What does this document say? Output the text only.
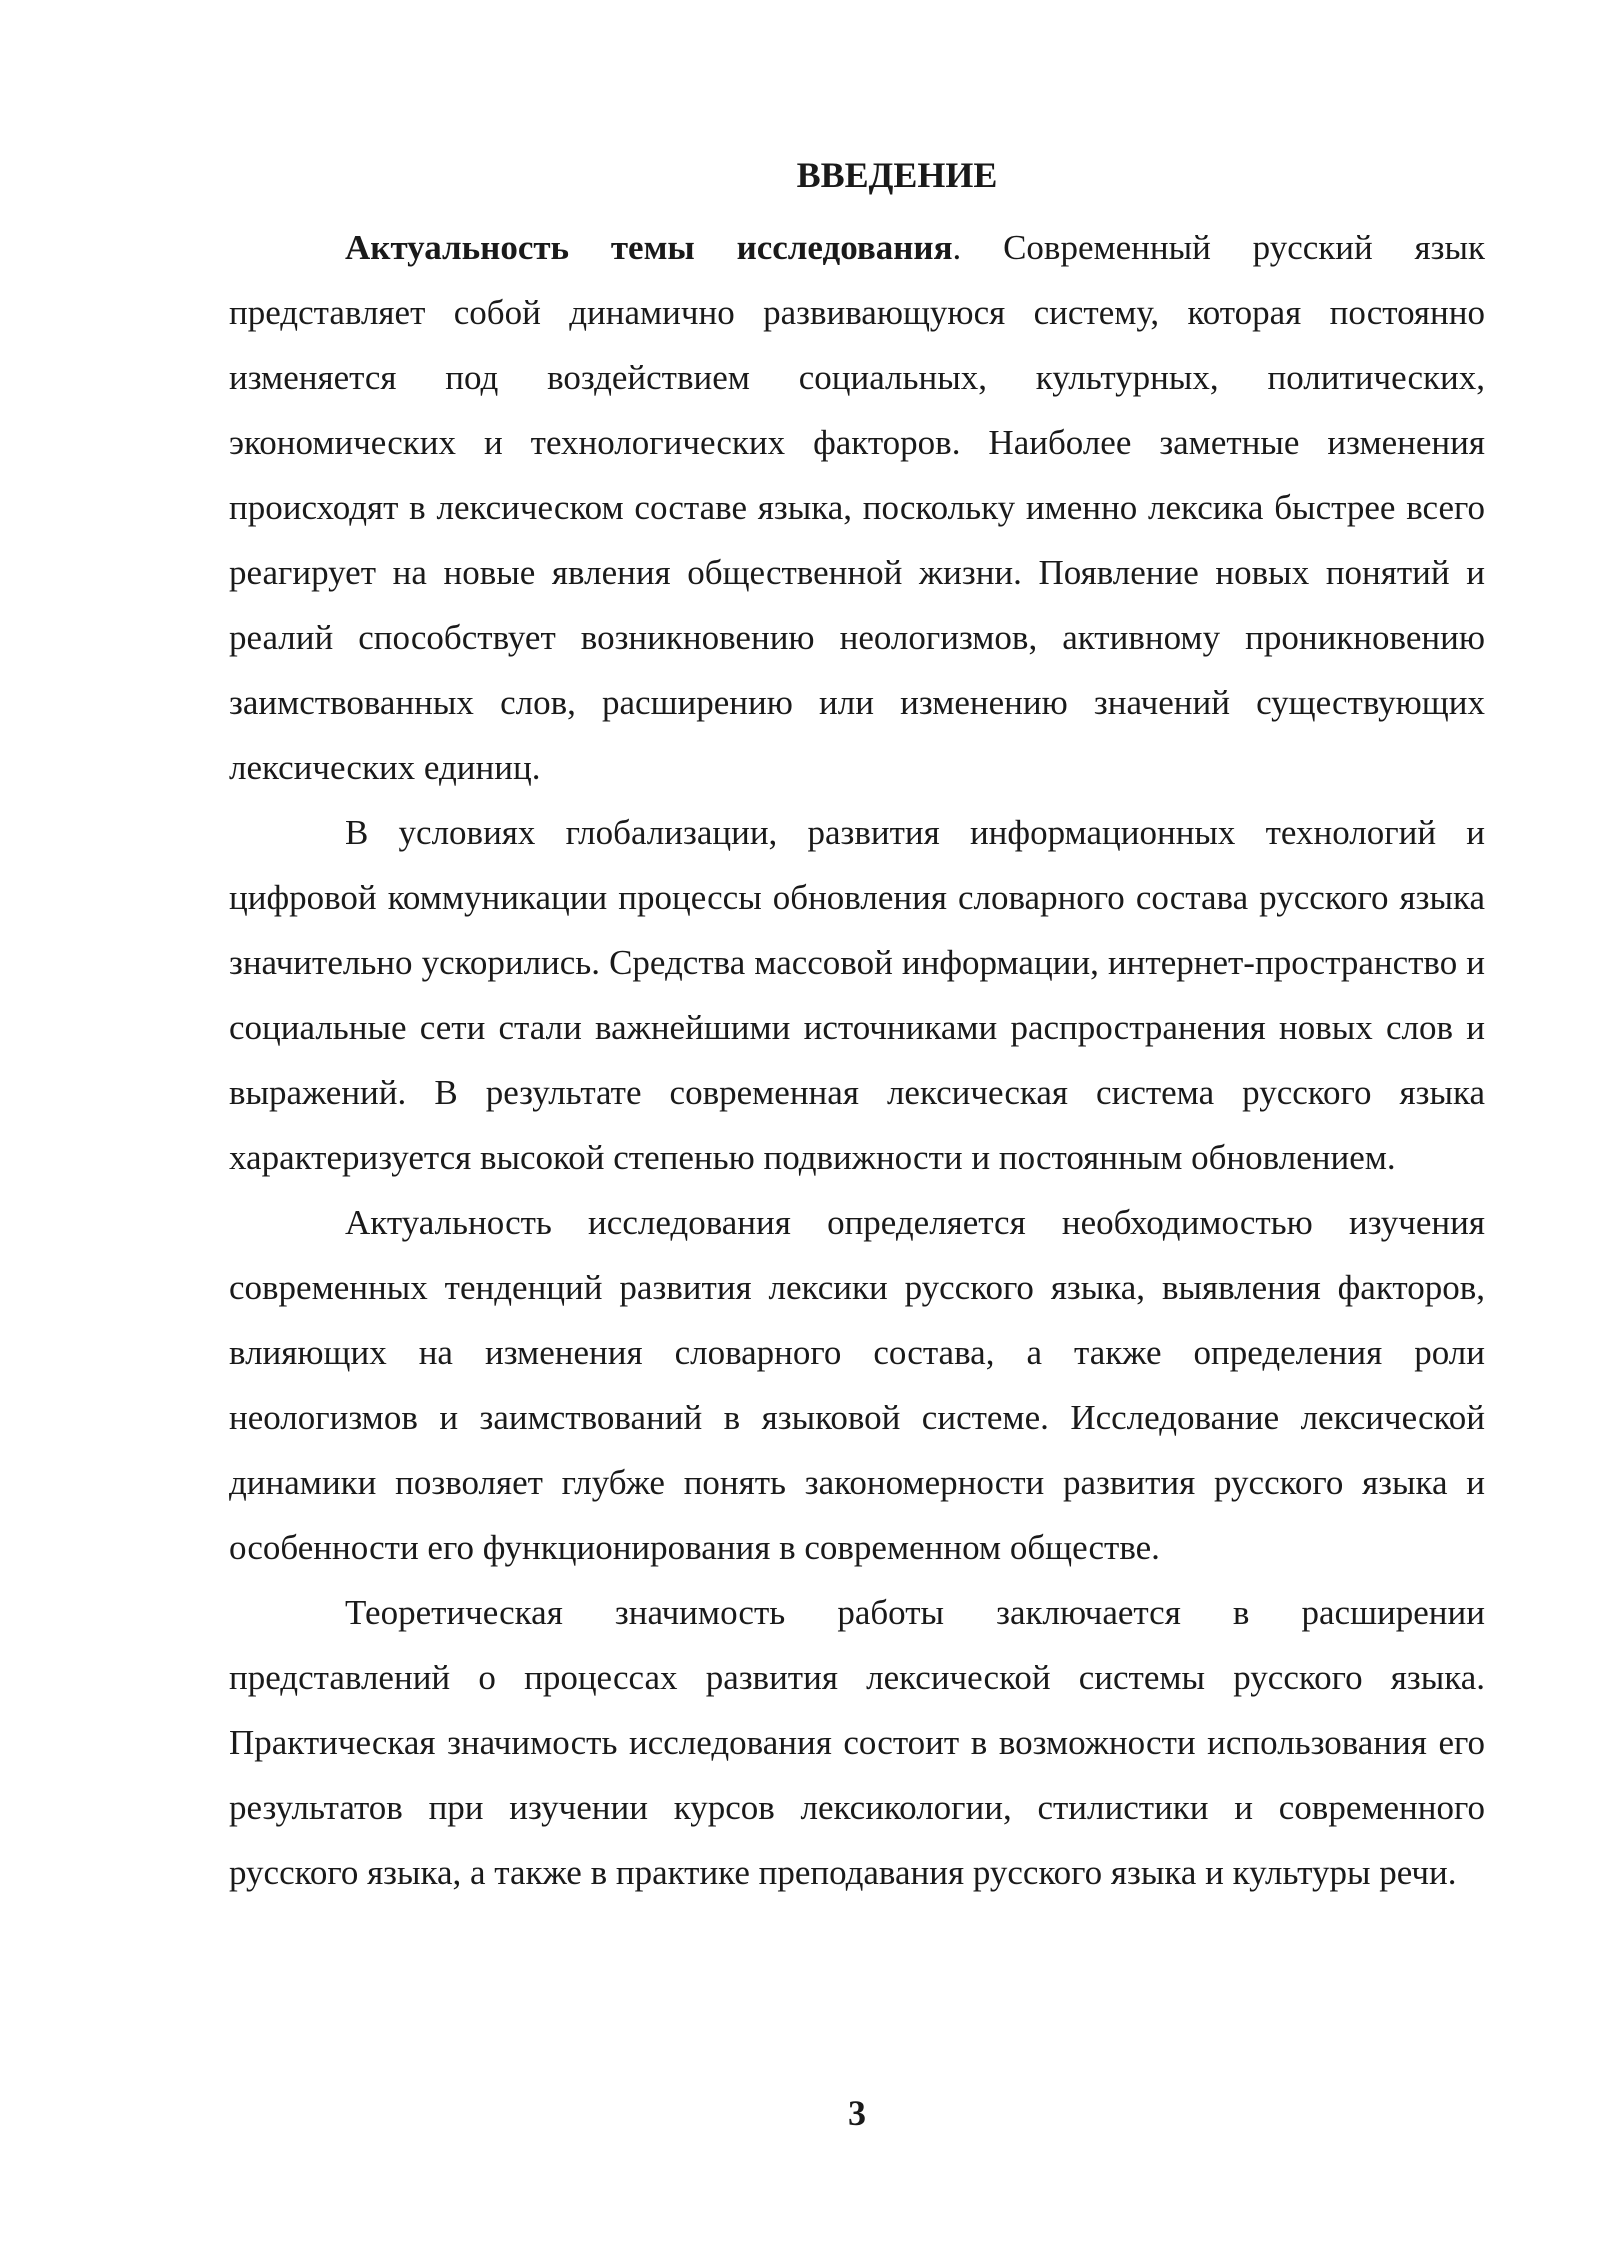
ВВЕДЕНИЕ

Актуальность темы исследования. Современный русский язык представляет собой динамично развивающуюся систему, которая постоянно изменяется под воздействием социальных, культурных, политических, экономических и технологических факторов. Наиболее заметные изменения происходят в лексическом составе языка, поскольку именно лексика быстрее всего реагирует на новые явления общественной жизни. Появление новых понятий и реалий способствует возникновению неологизмов, активному проникновению заимствованных слов, расширению или изменению значений существующих лексических единиц.

В условиях глобализации, развития информационных технологий и цифровой коммуникации процессы обновления словарного состава русского языка значительно ускорились. Средства массовой информации, интернет-пространство и социальные сети стали важнейшими источниками распространения новых слов и выражений. В результате современная лексическая система русского языка характеризуется высокой степенью подвижности и постоянным обновлением.

Актуальность исследования определяется необходимостью изучения современных тенденций развития лексики русского языка, выявления факторов, влияющих на изменения словарного состава, а также определения роли неологизмов и заимствований в языковой системе. Исследование лексической динамики позволяет глубже понять закономерности развития русского языка и особенности его функционирования в современном обществе.

Теоретическая значимость работы заключается в расширении представлений о процессах развития лексической системы русского языка. Практическая значимость исследования состоит в возможности использования его результатов при изучении курсов лексикологии, стилистики и современного русского языка, а также в практике преподавания русского языка и культуры речи.

3
